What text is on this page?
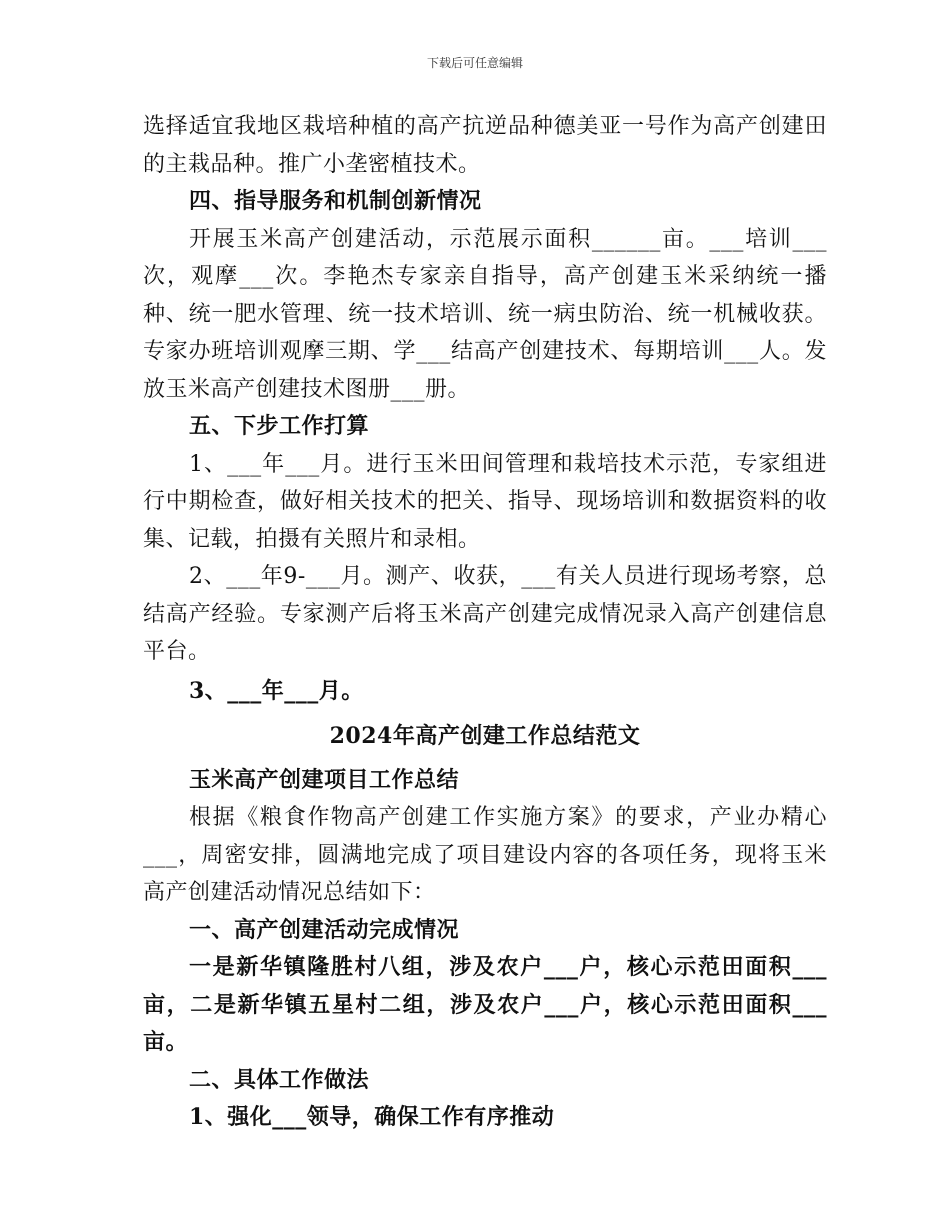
下载后可任意编辑

选择适宜我地区栽培种植的高产抗逆品种德美亚一号作为高产创建田的主栽品种。推广小垄密植技术。

四、指导服务和机制创新情况

开展玉米高产创建活动，示范展示面积______亩。___培训___次，观摩___次。李艳杰专家亲自指导，高产创建玉米采纳统一播种、统一肥水管理、统一技术培训、统一病虫防治、统一机械收获。专家办班培训观摩三期、学___结高产创建技术、每期培训___人。发放玉米高产创建技术图册___册。

五、下步工作打算

1、___年___月。进行玉米田间管理和栽培技术示范，专家组进行中期检查，做好相关技术的把关、指导、现场培训和数据资料的收集、记载，拍摄有关照片和录相。

2、___年9-___月。测产、收获，___有关人员进行现场考察，总结高产经验。专家测产后将玉米高产创建完成情况录入高产创建信息平台。

3、___年___月。

2024年高产创建工作总结范文

玉米高产创建项目工作总结

根据《粮食作物高产创建工作实施方案》的要求，产业办精心___，周密安排，圆满地完成了项目建设内容的各项任务，现将玉米高产创建活动情况总结如下：

一、高产创建活动完成情况

一是新华镇隆胜村八组，涉及农户___户，核心示范田面积___亩，二是新华镇五星村二组，涉及农户___户，核心示范田面积___亩。

二、具体工作做法

1、强化___领导，确保工作有序推动
